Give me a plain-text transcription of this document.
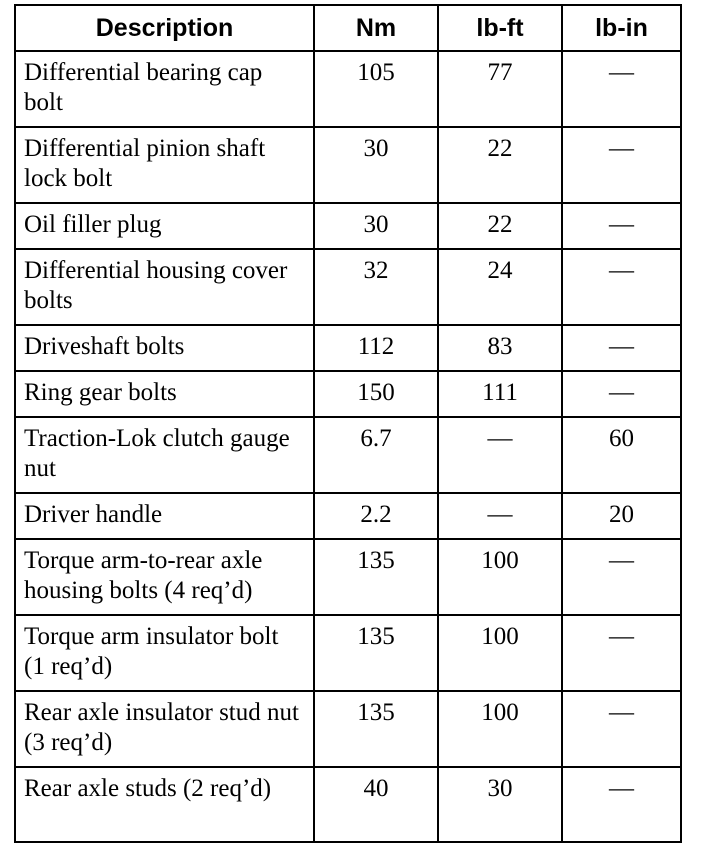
Description	Nm	lb-ft	lb-in
Differential bearing cap bolt	105	77	—
Differential pinion shaft lock bolt	30	22	—
Oil filler plug	30	22	—
Differential housing cover bolts	32	24	—
Driveshaft bolts	112	83	—
Ring gear bolts	150	111	—
Traction-Lok clutch gauge nut	6.7	—	60
Driver handle	2.2	—	20
Torque arm-to-rear axle housing bolts (4 req’d)	135	100	—
Torque arm insulator bolt (1 req’d)	135	100	—
Rear axle insulator stud nut (3 req’d)	135	100	—
Rear axle studs (2 req’d)	40	30	—
